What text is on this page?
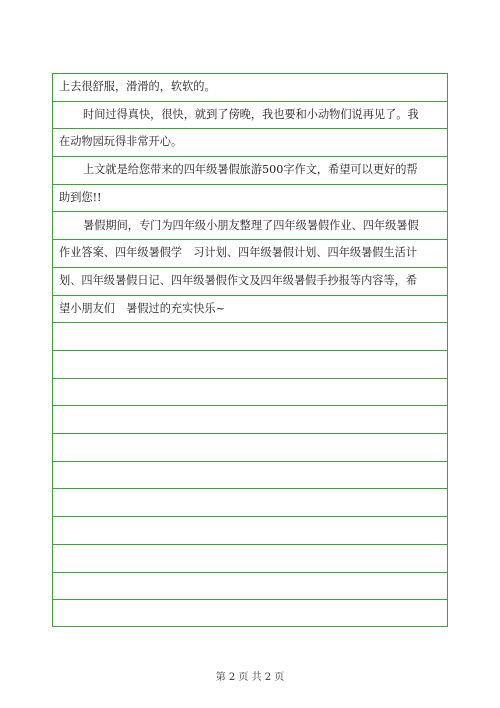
上去很舒服，滑滑的，软软的。
时间过得真快，很快，就到了傍晚，我也要和小动物们说再见了。我
在动物园玩得非常开心。
上文就是给您带来的四年级暑假旅游500字作文，希望可以更好的帮
助到您!!
暑假期间，专门为四年级小朋友整理了四年级暑假作业、四年级暑假
作业答案、四年级暑假学　习计划、四年级暑假计划、四年级暑假生活计
划、四年级暑假日记、四年级暑假作文及四年级暑假手抄报等内容等，希
望小朋友们　暑假过的充实快乐~
第 2 页 共 2 页
